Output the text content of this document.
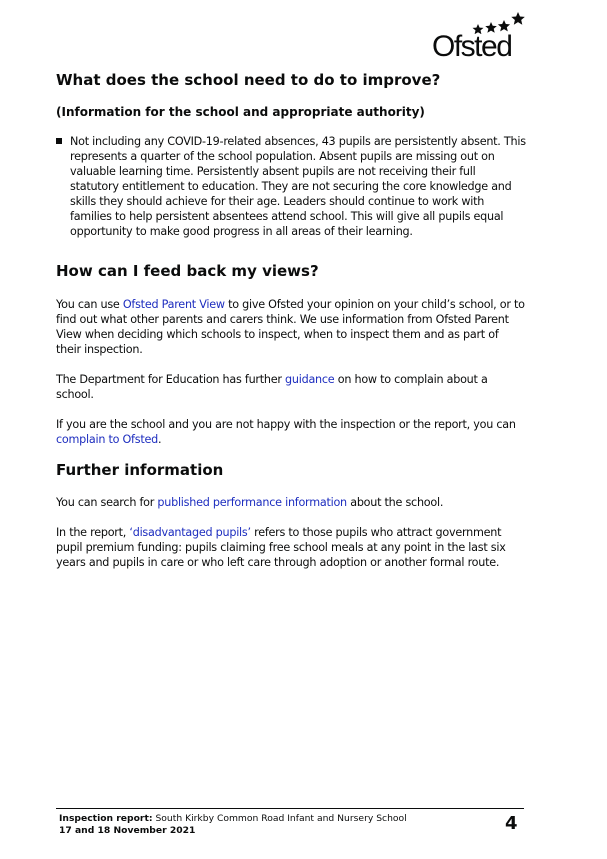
Ofsted
What does the school need to do to improve?
(Information for the school and appropriate authority)
Not including any COVID-19-related absences, 43 pupils are persistently absent. This represents a quarter of the school population. Absent pupils are missing out on valuable learning time. Persistently absent pupils are not receiving their full statutory entitlement to education. They are not securing the core knowledge and skills they should achieve for their age. Leaders should continue to work with families to help persistent absentees attend school. This will give all pupils equal opportunity to make good progress in all areas of their learning.
How can I feed back my views?

You can use Ofsted Parent View to give Ofsted your opinion on your child’s school, or to find out what other parents and carers think. We use information from Ofsted Parent View when deciding which schools to inspect, when to inspect them and as part of their inspection.

The Department for Education has further guidance on how to complain about a school.

If you are the school and you are not happy with the inspection or the report, you can complain to Ofsted.

Further information

You can search for published performance information about the school.

In the report, ‘disadvantaged pupils’ refers to those pupils who attract government pupil premium funding: pupils claiming free school meals at any point in the last six years and pupils in care or who left care through adoption or another formal route.

Inspection report: South Kirkby Common Road Infant and Nursery School
17 and 18 November 2021	4
